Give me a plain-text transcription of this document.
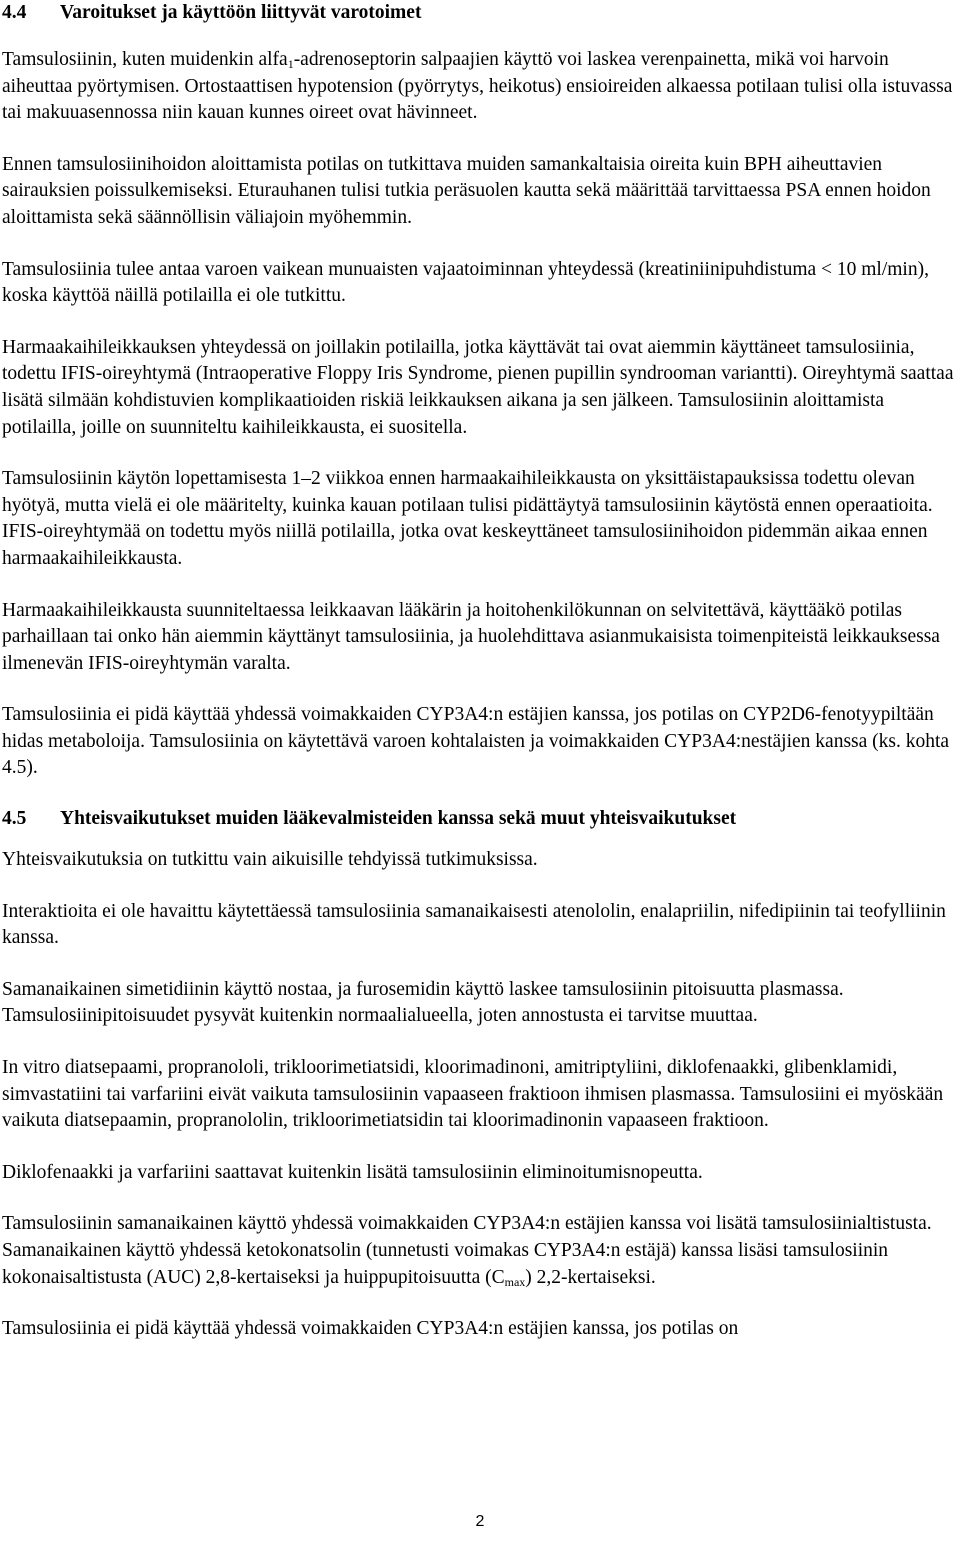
4.4 Varoitukset ja käyttöön liittyvät varotoimet

Tamsulosiinin, kuten muidenkin alfa$_1$-adrenoseptorin salpaajien käyttö voi laskea verenpainetta, mikä voi harvoin aiheuttaa pyörtymisen. Ortostaattisen hypotension (pyörrytys, heikotus) ensioireiden alkaessa potilaan tulisi olla istuvassa tai makuuasennossa niin kauan kunnes oireet ovat hävinneet.

Ennen tamsulosiinihoidon aloittamista potilas on tutkittava muiden samankaltaisia oireita kuin BPH aiheuttavien sairauksien poissulkemiseksi. Eturauhanen tulisi tutkia peräsuolen kautta sekä määrittää tarvittaessa PSA ennen hoidon aloittamista sekä säännöllisin väliajoin myöhemmin.

Tamsulosiinia tulee antaa varoen vaikean munuaisten vajaatoiminnan yhteydessä (kreatiniinipuhdistuma < 10 ml/min), koska käyttöä näillä potilailla ei ole tutkittu.

Harmaakaihileikkauksen yhteydessä on joillakin potilailla, jotka käyttävät tai ovat aiemmin käyttäneet tamsulosiinia, todettu IFIS-oireyhtymä (Intraoperative Floppy Iris Syndrome, pienen pupillin syndrooman variantti). Oireyhtymä saattaa lisätä silmään kohdistuvien komplikaatioiden riskiä leikkauksen aikana ja sen jälkeen. Tamsulosiinin aloittamista potilailla, joille on suunniteltu kaihileikkausta, ei suositella.

Tamsulosiinin käytön lopettamisesta 1–2 viikkoa ennen harmaakaihileikkausta on yksittäistapauksissa todettu olevan hyötyä, mutta vielä ei ole määritelty, kuinka kauan potilaan tulisi pidättäytyä tamsulosiinin käytöstä ennen operaatioita. IFIS-oireyhtymää on todettu myös niillä potilailla, jotka ovat keskeyttäneet tamsulosiinihoidon pidemmän aikaa ennen harmaakaihileikkausta.

Harmaakaihileikkausta suunniteltaessa leikkaavan lääkärin ja hoitohenkilökunnan on selvitettävä, käyttääkö potilas parhaillaan tai onko hän aiemmin käyttänyt tamsulosiinia, ja huolehdittava asianmukaisista toimenpiteistä leikkauksessa ilmenevän IFIS-oireyhtymän varalta.

Tamsulosiinia ei pidä käyttää yhdessä voimakkaiden CYP3A4:n estäjien kanssa, jos potilas on CYP2D6-fenotyypiltään hidas metaboloija. Tamsulosiinia on käytettävä varoen kohtalaisten ja voimakkaiden CYP3A4:nestäjien kanssa (ks. kohta 4.5).

4.5 Yhteisvaikutukset muiden lääkevalmisteiden kanssa sekä muut yhteisvaikutukset

Yhteisvaikutuksia on tutkittu vain aikuisille tehdyissä tutkimuksissa.

Interaktioita ei ole havaittu käytettäessä tamsulosiinia samanaikaisesti atenololin, enalapriilin, nifedipiinin tai teofylliinin kanssa.

Samanaikainen simetidiinin käyttö nostaa, ja furosemidin käyttö laskee tamsulosiinin pitoisuutta plasmassa. Tamsulosiinipitoisuudet pysyvät kuitenkin normaalialueella, joten annostusta ei tarvitse muuttaa.

In vitro diatsepaami, propranololi, trikloorimetiatsidi, kloorimadinoni, amitriptyliini, diklofenaakki, glibenklamidi, simvastatiini tai varfariini eivät vaikuta tamsulosiinin vapaaseen fraktioon ihmisen plasmassa. Tamsulosiini ei myöskään vaikuta diatsepaamin, propranololin, trikloorimetiatsidin tai kloorimadinonin vapaaseen fraktioon.

Diklofenaakki ja varfariini saattavat kuitenkin lisätä tamsulosiinin eliminoitumisnopeutta.

Tamsulosiinin samanaikainen käyttö yhdessä voimakkaiden CYP3A4:n estäjien kanssa voi lisätä tamsulosiinialtistusta. Samanaikainen käyttö yhdessä ketokonatsolin (tunnetusti voimakas CYP3A4:n estäjä) kanssa lisäsi tamsulosiinin kokonaisaltistusta (AUC) 2,8-kertaiseksi ja huippupitoisuutta $(C_{max})$ 2,2-kertaiseksi.

Tamsulosiinia ei pidä käyttää yhdessä voimakkaiden CYP3A4:n estäjien kanssa, jos potilas on

2
